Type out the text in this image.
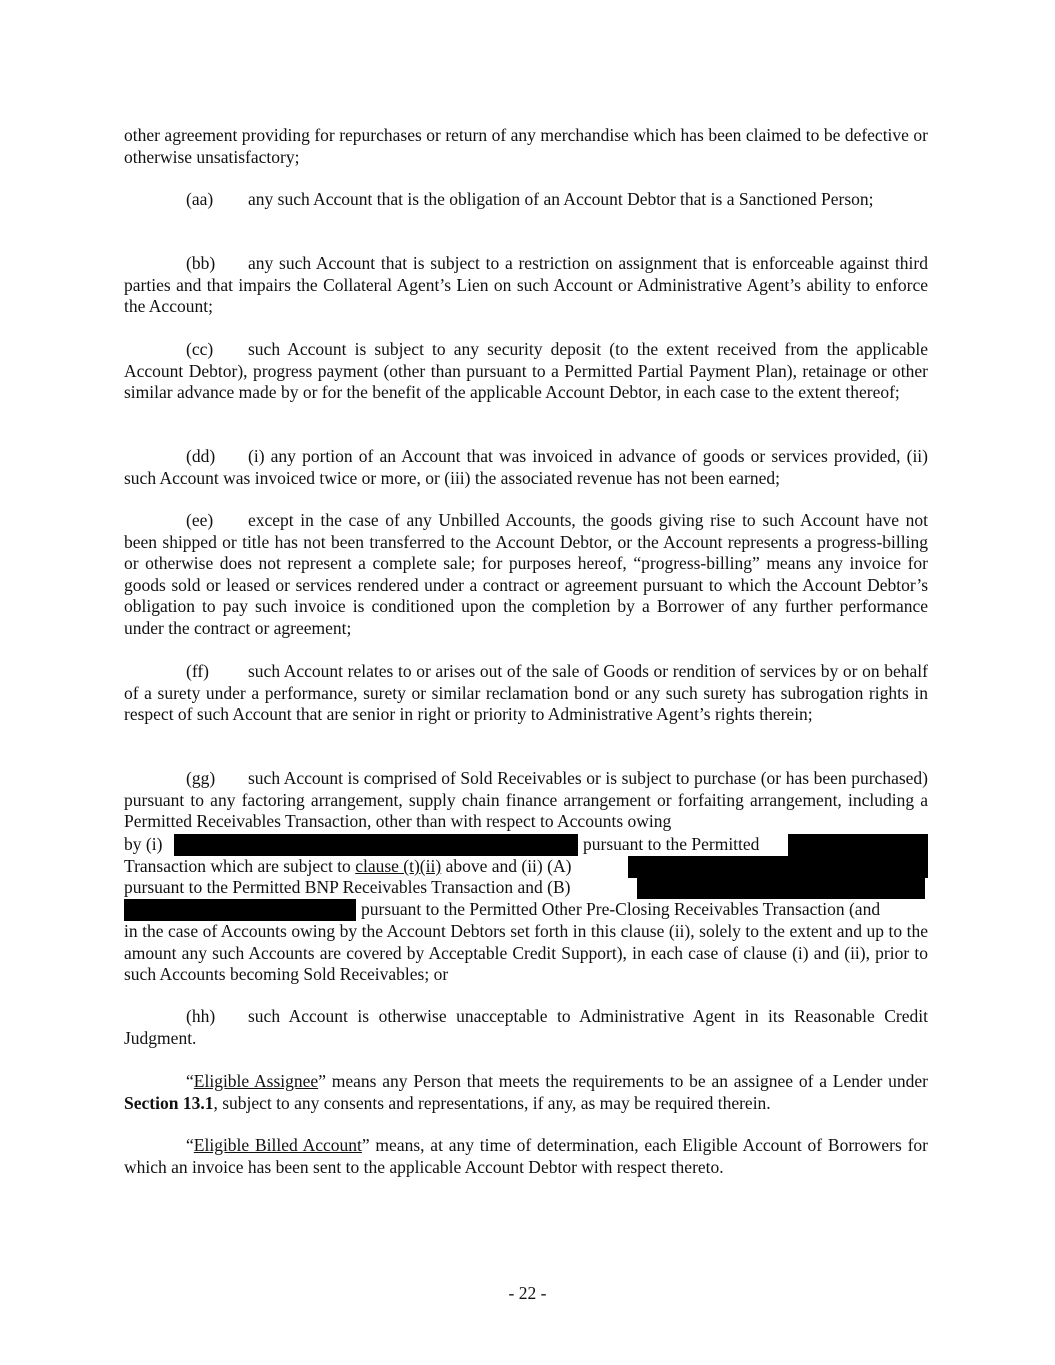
other agreement providing for repurchases or return of any merchandise which has been claimed to be defective or otherwise unsatisfactory;

(aa) any such Account that is the obligation of an Account Debtor that is a Sanctioned Person;

(bb) any such Account that is subject to a restriction on assignment that is enforceable against third parties and that impairs the Collateral Agent’s Lien on such Account or Administrative Agent’s ability to enforce the Account;

(cc) such Account is subject to any security deposit (to the extent received from the applicable Account Debtor), progress payment (other than pursuant to a Permitted Partial Payment Plan), retainage or other similar advance made by or for the benefit of the applicable Account Debtor, in each case to the extent thereof;

(dd) (i) any portion of an Account that was invoiced in advance of goods or services provided, (ii) such Account was invoiced twice or more, or (iii) the associated revenue has not been earned;

(ee) except in the case of any Unbilled Accounts, the goods giving rise to such Account have not been shipped or title has not been transferred to the Account Debtor, or the Account represents a progress-billing or otherwise does not represent a complete sale; for purposes hereof, “progress-billing” means any invoice for goods sold or leased or services rendered under a contract or agreement pursuant to which the Account Debtor’s obligation to pay such invoice is conditioned upon the completion by a Borrower of any further performance under the contract or agreement;

(ff) such Account relates to or arises out of the sale of Goods or rendition of services by or on behalf of a surety under a performance, surety or similar reclamation bond or any such surety has subrogation rights in respect of such Account that are senior in right or priority to Administrative Agent’s rights therein;

(gg) such Account is comprised of Sold Receivables or is subject to purchase (or has been purchased) pursuant to any factoring arrangement, supply chain finance arrangement or forfaiting arrangement, including a Permitted Receivables Transaction, other than with respect to Accounts owing

by (i)	pursuant to the Permitted
Transaction which are subject to clause (t)(ii) above and (ii) (A)
pursuant to the Permitted BNP Receivables Transaction and (B)
pursuant to the Permitted Other Pre-Closing Receivables Transaction (and

in the case of Accounts owing by the Account Debtors set forth in this clause (ii), solely to the extent and up to the amount any such Accounts are covered by Acceptable Credit Support), in each case of clause (i) and (ii), prior to such Accounts becoming Sold Receivables; or

(hh) such Account is otherwise unacceptable to Administrative Agent in its Reasonable Credit Judgment.

“Eligible Assignee” means any Person that meets the requirements to be an assignee of a Lender under Section 13.1, subject to any consents and representations, if any, as may be required therein.

“Eligible Billed Account” means, at any time of determination, each Eligible Account of Borrowers for which an invoice has been sent to the applicable Account Debtor with respect thereto.

- 22 -
